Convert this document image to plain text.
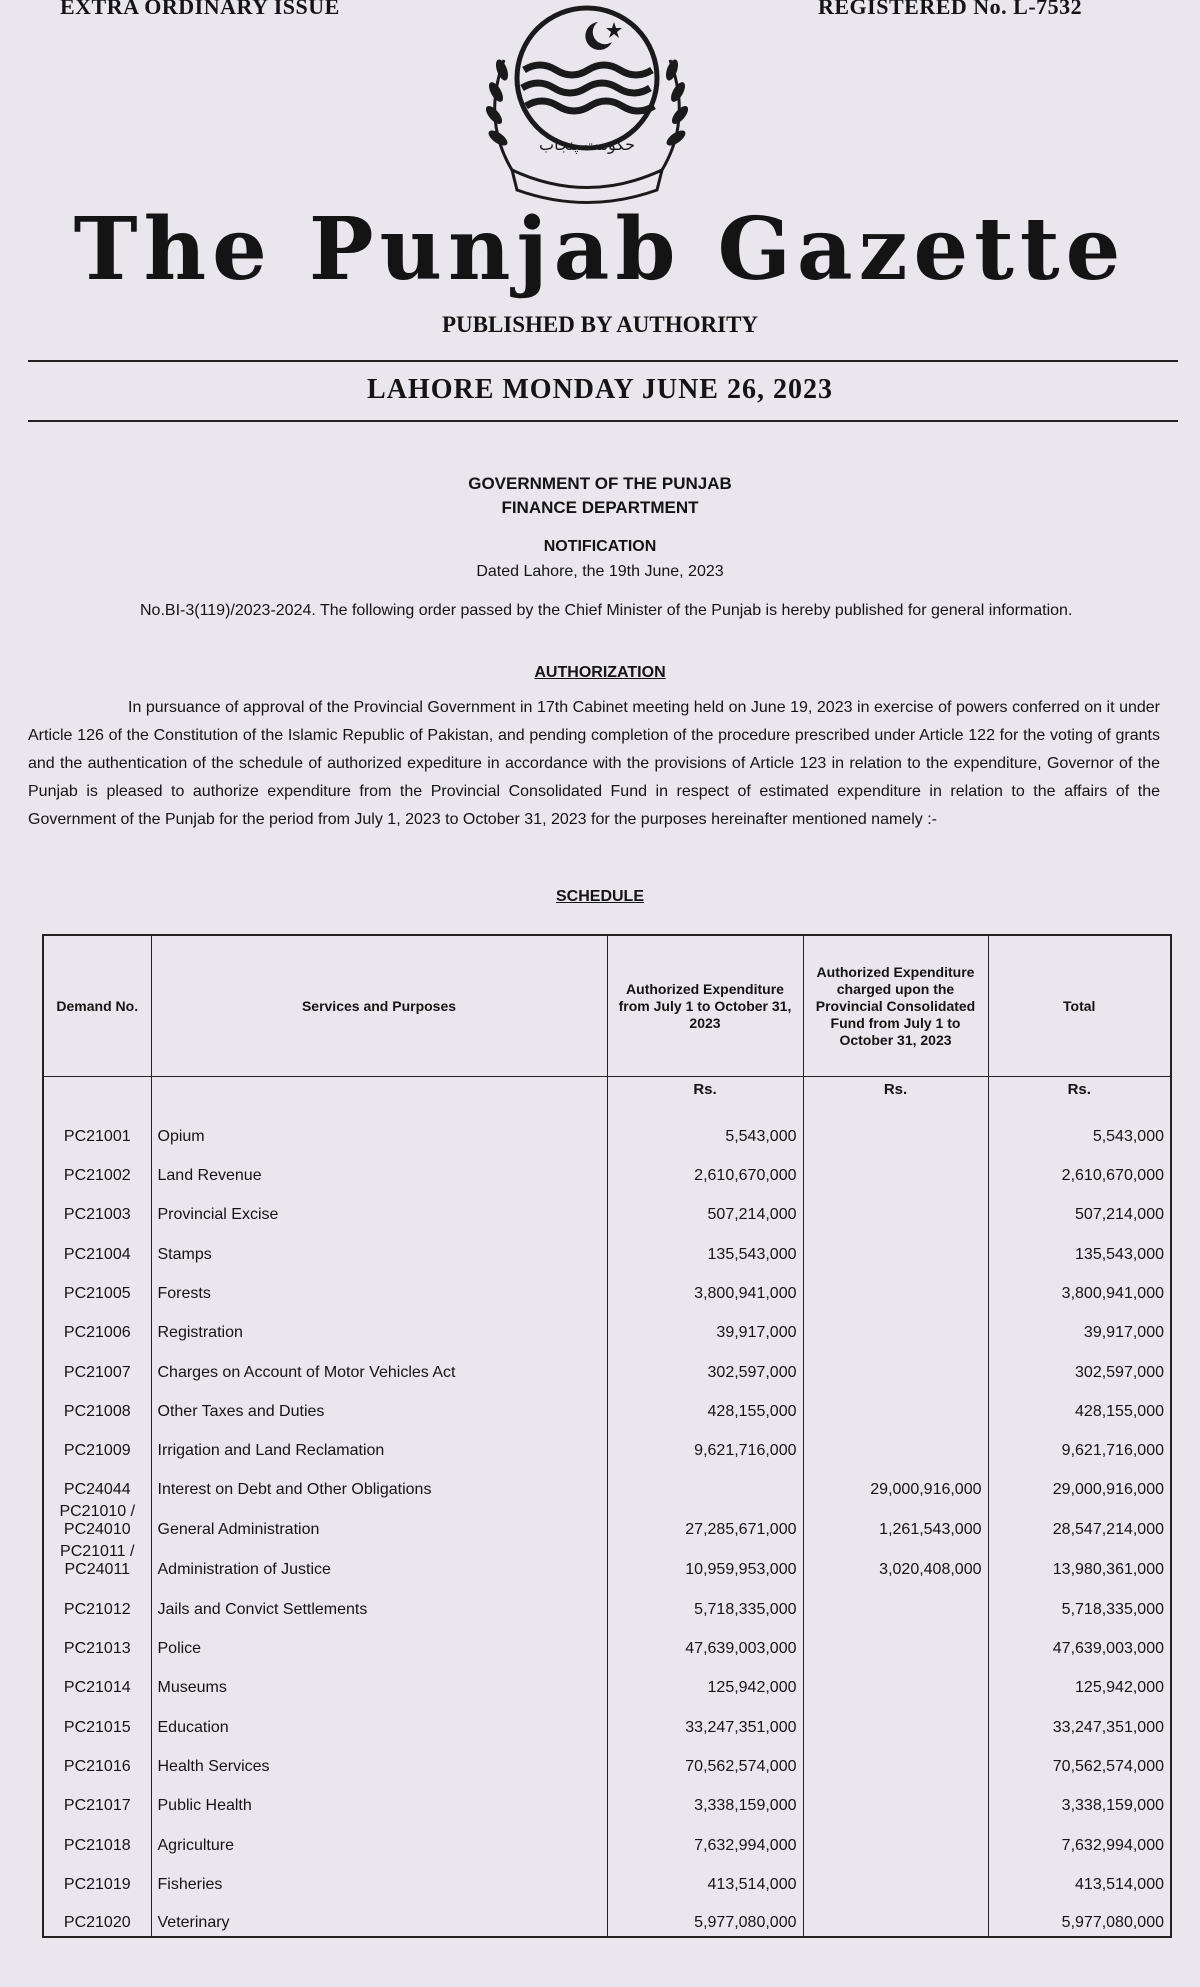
EXTRA ORDINARY ISSUE	REGISTERED No. L-7532
حکومت پنجاب
The Punjab Gazette
PUBLISHED BY AUTHORITY
LAHORE MONDAY JUNE 26, 2023
GOVERNMENT OF THE PUNJAB
FINANCE DEPARTMENT
NOTIFICATION
Dated Lahore, the 19th June, 2023
No.BI-3(119)/2023-2024. The following order passed by the Chief Minister of the Punjab is hereby published for general information.
AUTHORIZATION
In pursuance of approval of the Provincial Government in 17th Cabinet meeting held on June 19, 2023 in exercise of powers conferred on it under Article 126 of the Constitution of the Islamic Republic of Pakistan, and pending completion of the procedure prescribed under Article 122 for the voting of grants and the authentication of the schedule of authorized expediture in accordance with the provisions of Article 123 in relation to the expenditure, Governor of the Punjab is pleased to authorize expenditure from the Provincial Consolidated Fund in respect of estimated expenditure in relation to the affairs of the Government of the Punjab for the period from July 1, 2023 to October 31, 2023 for the purposes hereinafter mentioned namely :-
SCHEDULE
Demand No.	Services and Purposes	Authorized Expenditure from July 1 to October 31, 2023	Authorized Expenditure charged upon the Provincial Consolidated Fund from July 1 to October 31, 2023	Total
		Rs.	Rs.	Rs.
PC21001	Opium	5,543,000		5,543,000
PC21002	Land Revenue	2,610,670,000		2,610,670,000
PC21003	Provincial Excise	507,214,000		507,214,000
PC21004	Stamps	135,543,000		135,543,000
PC21005	Forests	3,800,941,000		3,800,941,000
PC21006	Registration	39,917,000		39,917,000
PC21007	Charges on Account of Motor Vehicles Act	302,597,000		302,597,000
PC21008	Other Taxes and Duties	428,155,000		428,155,000
PC21009	Irrigation and Land Reclamation	9,621,716,000		9,621,716,000
PC24044	Interest on Debt and Other Obligations		29,000,916,000	29,000,916,000
PC21010 / PC24010	General Administration	27,285,671,000	1,261,543,000	28,547,214,000
PC21011 / PC24011	Administration of Justice	10,959,953,000	3,020,408,000	13,980,361,000
PC21012	Jails and Convict Settlements	5,718,335,000		5,718,335,000
PC21013	Police	47,639,003,000		47,639,003,000
PC21014	Museums	125,942,000		125,942,000
PC21015	Education	33,247,351,000		33,247,351,000
PC21016	Health Services	70,562,574,000		70,562,574,000
PC21017	Public Health	3,338,159,000		3,338,159,000
PC21018	Agriculture	7,632,994,000		7,632,994,000
PC21019	Fisheries	413,514,000		413,514,000
PC21020	Veterinary	5,977,080,000		5,977,080,000
